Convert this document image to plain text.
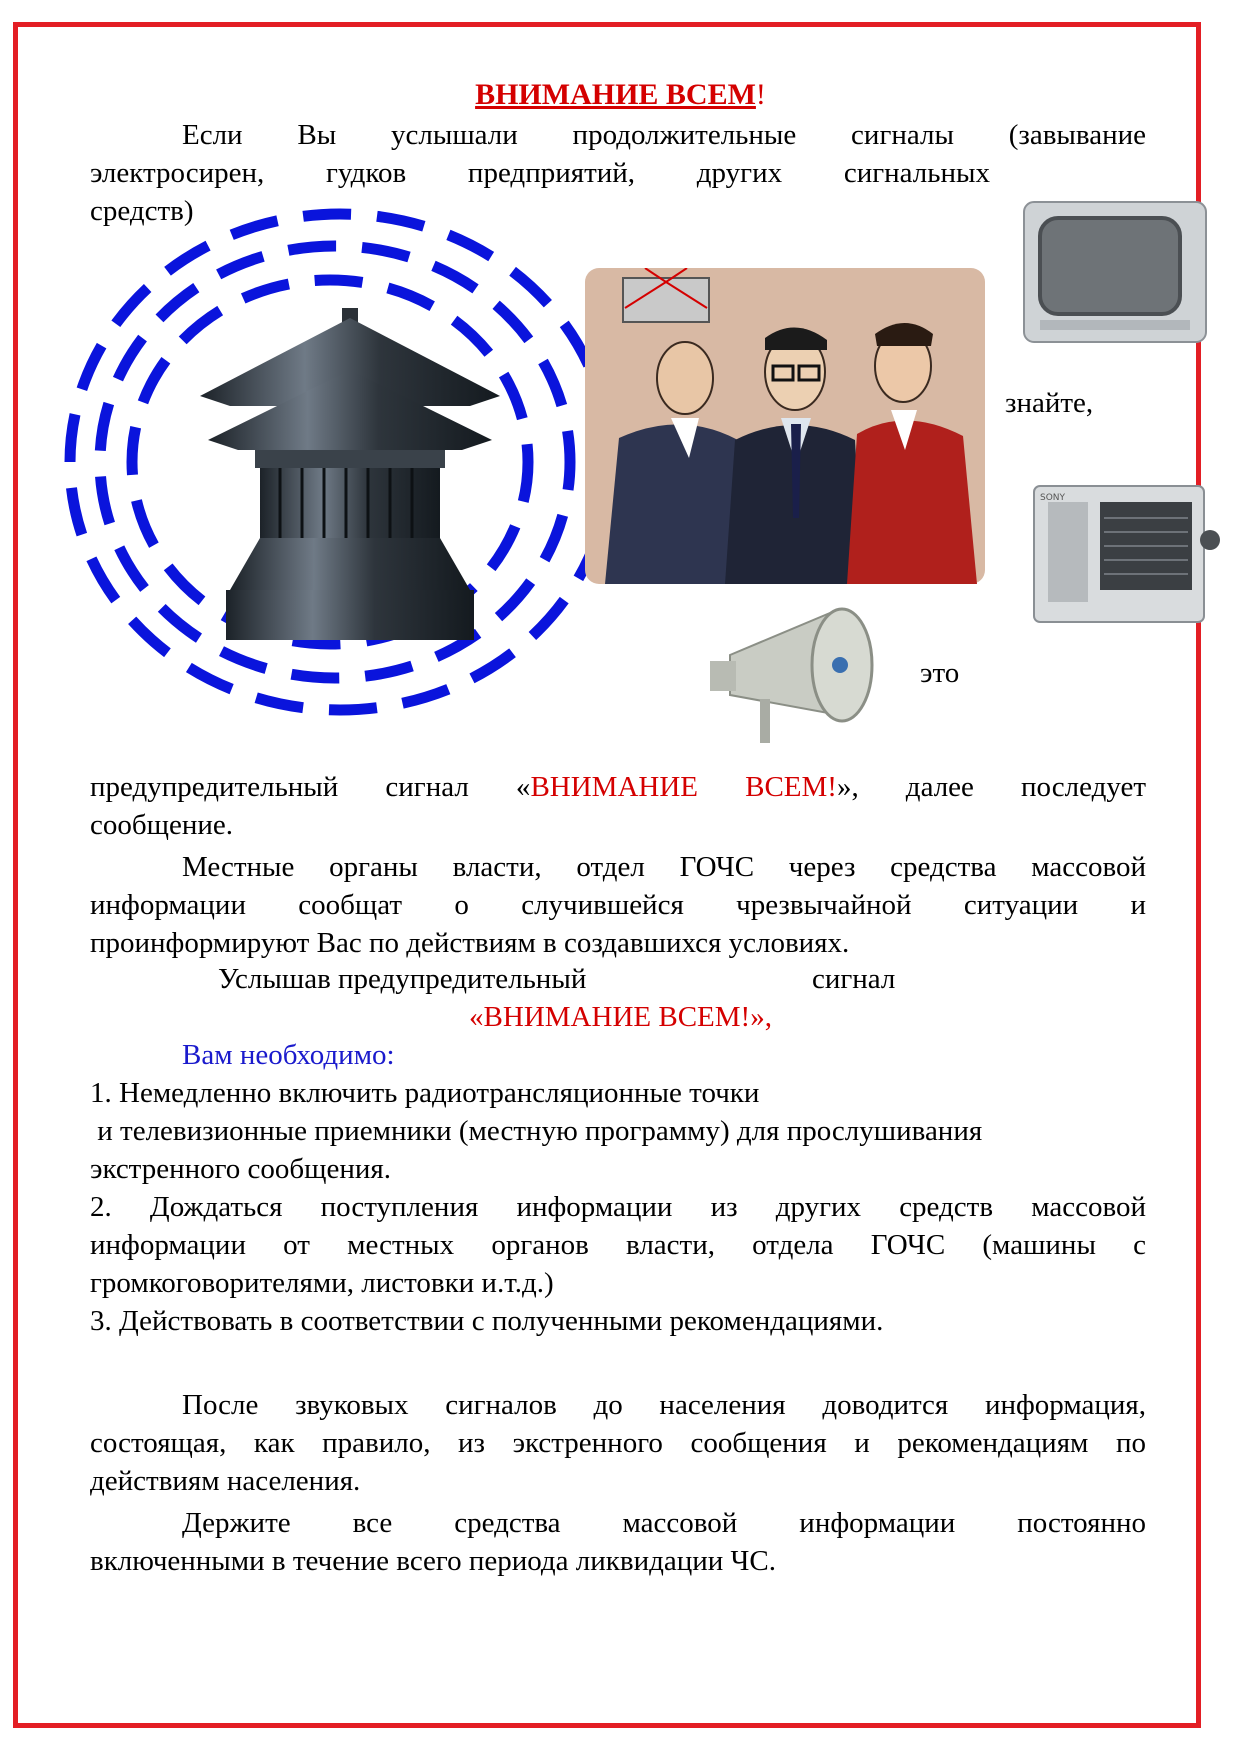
ВНИМАНИЕ ВСЕМ!
Если Вы услышали продолжительные сигналы (завывание
электросирен, гудков предприятий, других сигнальных
средств)
SONY
знайте,
это
предупредительный сигнал «ВНИМАНИЕ ВСЕМ!», далее последует
сообщение.
Местные органы власти, отдел ГОЧС через средства массовой
информации сообщат о случившейся чрезвычайной ситуации и
проинформируют Вас по действиям в создавшихся условиях.
Услышав предупредительный	сигнал
«ВНИМАНИЕ ВСЕМ!»,
Вам необходимо:
1. Немедленно включить радиотрансляционные точки
и телевизионные приемники (местную программу) для прослушивания
экстренного сообщения.
2. Дождаться поступления информации из других средств массовой
информации от местных органов власти, отдела ГОЧС (машины с
громкоговорителями, листовки и.т.д.)
3. Действовать в соответствии с полученными рекомендациями.
После звуковых сигналов до населения доводится информация,
состоящая, как правило, из экстренного сообщения и рекомендациям по
действиям населения.
Держите все средства массовой информации постоянно
включенными в течение всего периода ликвидации ЧС.
